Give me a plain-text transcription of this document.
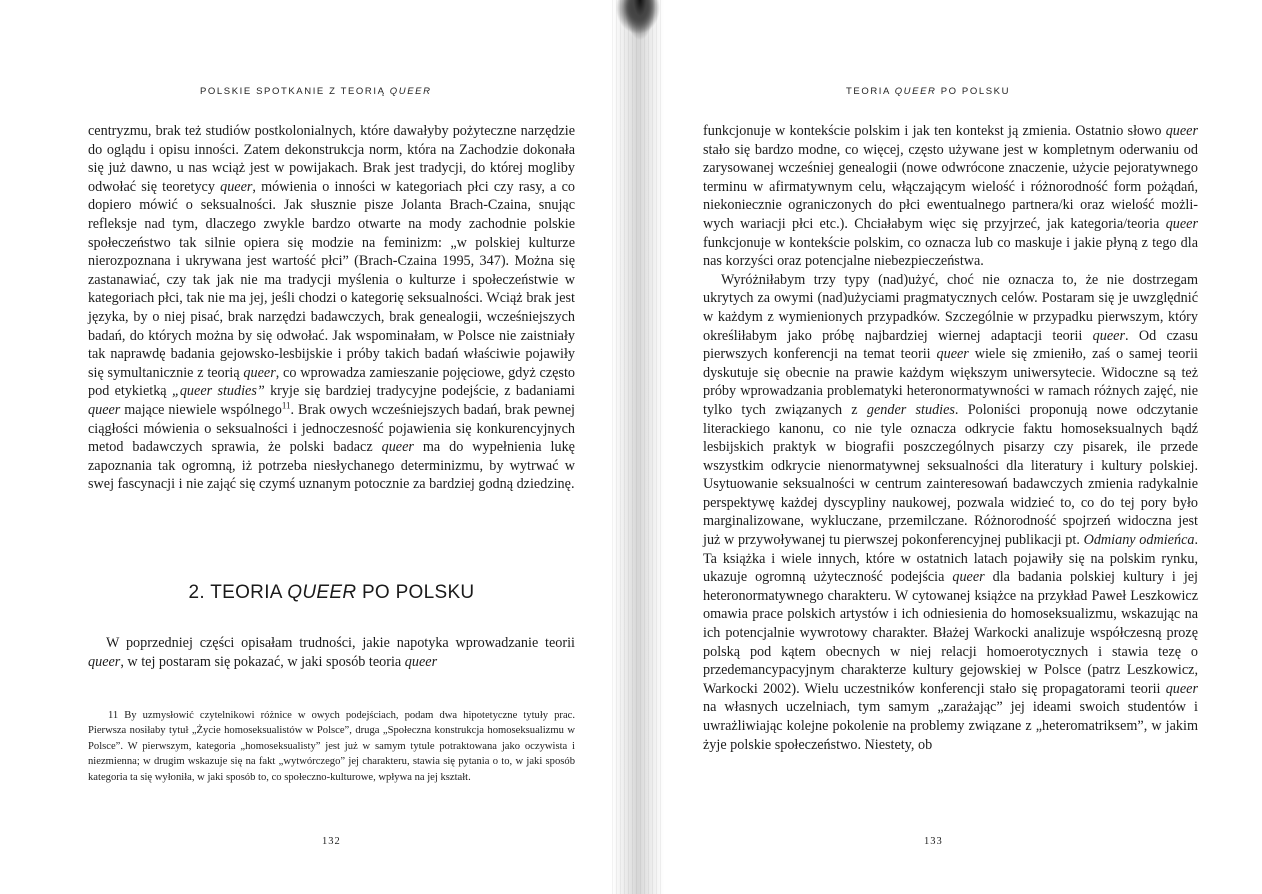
POLSKIE SPOTKANIE Z TEORIĄ QUEER
centryzmu, brak też studiów postkolonialnych, które dawałyby pożyteczne narzędzie do oglądu i opisu inności. Zatem dekonstrukcja norm, która na Zachodzie dokonała się już dawno, u nas wciąż jest w powijakach. Brak jest tradycji, do której mogliby odwołać się teoretycy queer, mówienia o inności w kategoriach płci czy rasy, a co dopiero mówić o seksualności. Jak słusznie pisze Jolanta Brach-Czaina, snując refleksje nad tym, dlaczego zwykle bardzo otwarte na mody zachodnie polskie społeczeństwo tak silnie opiera się modzie na feminizm: „w polskiej kulturze nierozpoznana i ukrywana jest wartość płci” (Brach-Czaina 1995, 347). Można się zastanawiać, czy tak jak nie ma tradycji myślenia o kulturze i społeczeństwie w kategoriach płci, tak nie ma jej, jeśli chodzi o kategorię seksualności. Wciąż brak jest języka, by o niej pisać, brak narzędzi badawczych, brak genealogii, wcześniejszych badań, do których można by się odwołać. Jak wspominałam, w Polsce nie zaistniały tak naprawdę badania gejowsko-lesbijskie i próby takich badań właściwie pojawiły się symultanicznie z teorią queer, co wprowadza zamieszanie pojęciowe, gdyż często pod etykietką „queer studies” kryje się bardziej tradycyjne podejście, z badaniami queer mające niewiele wspólnego$^{11}$. Brak owych wcześniejszych badań, brak pewnej ciągłości mówienia o seksualności i jednoczesność pojawienia się konkurencyjnych metod badawczych sprawia, że polski badacz queer ma do wypełnienia lukę zapoznania tak ogromną, iż potrzeba niesłychanego determinizmu, by wytrwać w swej fascynacji i nie zająć się czymś uznanym potocznie za bardziej godną dziedzinę.
2. TEORIA QUEER PO POLSKU
W poprzedniej części opisałam trudności, jakie napotyka wprowadzanie teorii queer, w tej postaram się pokazać, w jaki sposób teoria queer
11 By uzmysłowić czytelnikowi różnice w owych podejściach, podam dwa hipotetyczne tytuły prac. Pierwsza nosiłaby tytuł „Życie homoseksualistów w Polsce”, druga „Społeczna konstrukcja homoseksualizmu w Polsce”. W pierwszym, kategoria „homoseksualisty” jest już w samym tytule potraktowana jako oczywista i niezmienna; w drugim wskazuje się na fakt „wytwórczego” jej charakteru, stawia się pytania o to, w jaki sposób kategoria ta się wyłoniła, w jaki sposób to, co społeczno-kulturowe, wpływa na jej kształt.
132
TEORIA QUEER PO POLSKU

funkcjonuje w kontekście polskim i jak ten kontekst ją zmienia. Ostatnio słowo queer stało się bardzo modne, co więcej, często używane jest w kompletnym oderwaniu od zarysowanej wcześniej genealogii (nowe odwrócone znaczenie, użycie pejoratywnego terminu w afirmatywnym celu, włączającym wielość i różnorodność form pożądań, niekoniecznie ograniczonych do płci ewentualnego partnera/ki oraz wielość możliwych wariacji płci etc.). Chciałabym więc się przyjrzeć, jak kategoria/teoria queer funkcjonuje w kontekście polskim, co oznacza lub co maskuje i jakie płyną z tego dla nas korzyści oraz potencjalne niebezpieczeństwa.

Wyróżniłabym trzy typy (nad)użyć, choć nie oznacza to, że nie dostrzegam ukrytych za owymi (nad)użyciami pragmatycznych celów. Postaram się je uwzględnić w każdym z wymienionych przypadków. Szczególnie w przypadku pierwszym, który określiłabym jako próbę najbardziej wiernej adaptacji teorii queer. Od czasu pierwszych konferencji na temat teorii queer wiele się zmieniło, zaś o samej teorii dyskutuje się obecnie na prawie każdym większym uniwersytecie. Widoczne są też próby wprowadzania problematyki heteronormatywności w ramach różnych zajęć, nie tylko tych związanych z gender studies. Poloniści proponują nowe odczytanie literackiego kanonu, co nie tyle oznacza odkrycie faktu homoseksualnych bądź lesbijskich praktyk w biografii poszczególnych pisarzy czy pisarek, ile przede wszystkim odkrycie nienormatywnej seksualności dla literatury i kultury polskiej. Usytuowanie seksualności w centrum zainteresowań badawczych zmienia radykalnie perspektywę każdej dyscypliny naukowej, pozwala widzieć to, co do tej pory było marginalizowane, wykluczane, przemilczane. Różnorodność spojrzeń widoczna jest już w przywoływanej tu pierwszej pokonferencyjnej publikacji pt. Odmiany odmieńca. Ta książka i wiele innych, które w ostatnich latach pojawiły się na polskim rynku, ukazuje ogromną użyteczność podejścia queer dla badania polskiej kultury i jej heteronormatywnego charakteru. W cytowanej książce na przykład Paweł Leszkowicz omawia prace polskich artystów i ich odniesienia do homoseksualizmu, wskazując na ich potencjalnie wywrotowy charakter. Błażej Warkocki analizuje współczesną prozę polską pod kątem obecnych w niej relacji homoerotycznych i stawia tezę o przedemancypacyjnym charakterze kultury gejowskiej w Polsce (patrz Leszkowicz, Warkocki 2002). Wielu uczestników konferencji stało się propagatorami teorii queer na własnych uczelniach, tym samym „zarażając” jej ideami swoich studentów i uwrażliwiając kolejne pokolenie na problemy związane z „heteromatriksem”, w jakim żyje polskie społeczeństwo. Niestety, ob

133
